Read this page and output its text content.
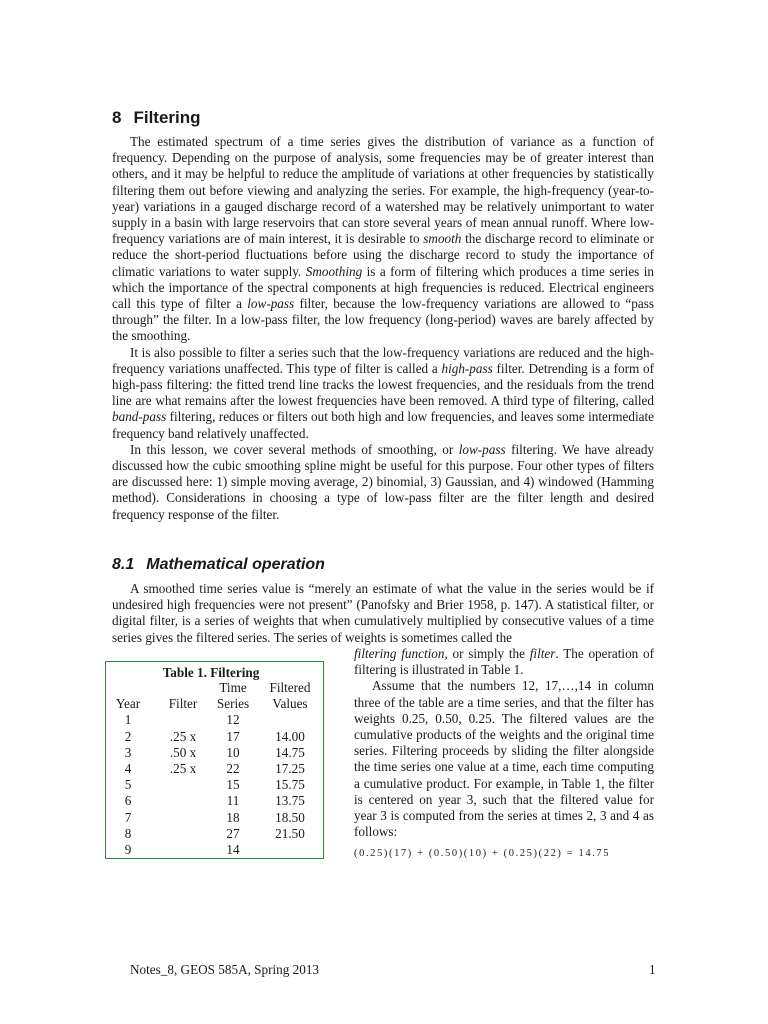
8 Filtering

The estimated spectrum of a time series gives the distribution of variance as a function of frequency. Depending on the purpose of analysis, some frequencies may be of greater interest than others, and it may be helpful to reduce the amplitude of variations at other frequencies by statistically filtering them out before viewing and analyzing the series. For example, the high-frequency (year-to-year) variations in a gauged discharge record of a watershed may be relatively unimportant to water supply in a basin with large reservoirs that can store several years of mean annual runoff. Where low-frequency variations are of main interest, it is desirable to smooth the discharge record to eliminate or reduce the short-period fluctuations before using the discharge record to study the importance of climatic variations to water supply. Smoothing is a form of filtering which produces a time series in which the importance of the spectral components at high frequencies is reduced. Electrical engineers call this type of filter a low-pass filter, because the low-frequency variations are allowed to “pass through” the filter. In a low-pass filter, the low frequency (long-period) waves are barely affected by the smoothing.

It is also possible to filter a series such that the low-frequency variations are reduced and the high-frequency variations unaffected. This type of filter is called a high-pass filter. Detrending is a form of high-pass filtering: the fitted trend line tracks the lowest frequencies, and the residuals from the trend line are what remains after the lowest frequencies have been removed. A third type of filtering, called band-pass filtering, reduces or filters out both high and low frequencies, and leaves some intermediate frequency band relatively unaffected.

In this lesson, we cover several methods of smoothing, or low-pass filtering. We have already discussed how the cubic smoothing spline might be useful for this purpose. Four other types of filters are discussed here: 1) simple moving average, 2) binomial, 3) Gaussian, and 4) windowed (Hamming method). Considerations in choosing a type of low-pass filter are the filter length and desired frequency response of the filter.

8.1 Mathematical operation

A smoothed time series value is “merely an estimate of what the value in the series would be if undesired high frequencies were not present” (Panofsky and Brier 1958, p. 147). A statistical filter, or digital filter, is a series of weights that when cumulatively multiplied by consecutive values of a time series gives the filtered series. The series of weights is sometimes called the

Table 1. Filtering
Year
1
2
3
4
5
6
7
8
9
Filter
.25 x
.50 x
.25 x
Time
Series
12
17
10
22
15
11
18
27
14
Filtered
Values
14.00
14.75
17.25
15.75
13.75
18.50
21.50

filtering function, or simply the filter. The operation of filtering is illustrated in Table 1.

Assume that the numbers 12, 17,…,14 in column three of the table are a time series, and that the filter has weights 0.25, 0.50, 0.25. The filtered values are the cumulative products of the weights and the original time series. Filtering proceeds by sliding the filter alongside the time series one value at a time, each time computing a cumulative product. For example, in Table 1, the filter is centered on year 3, such that the filtered value for year 3 is computed from the series at times 2, 3 and 4 as follows:

(0.25)(17) + (0.50)(10) + (0.25)(22) = 14.75
Notes_8, GEOS 585A, Spring 2013	1
